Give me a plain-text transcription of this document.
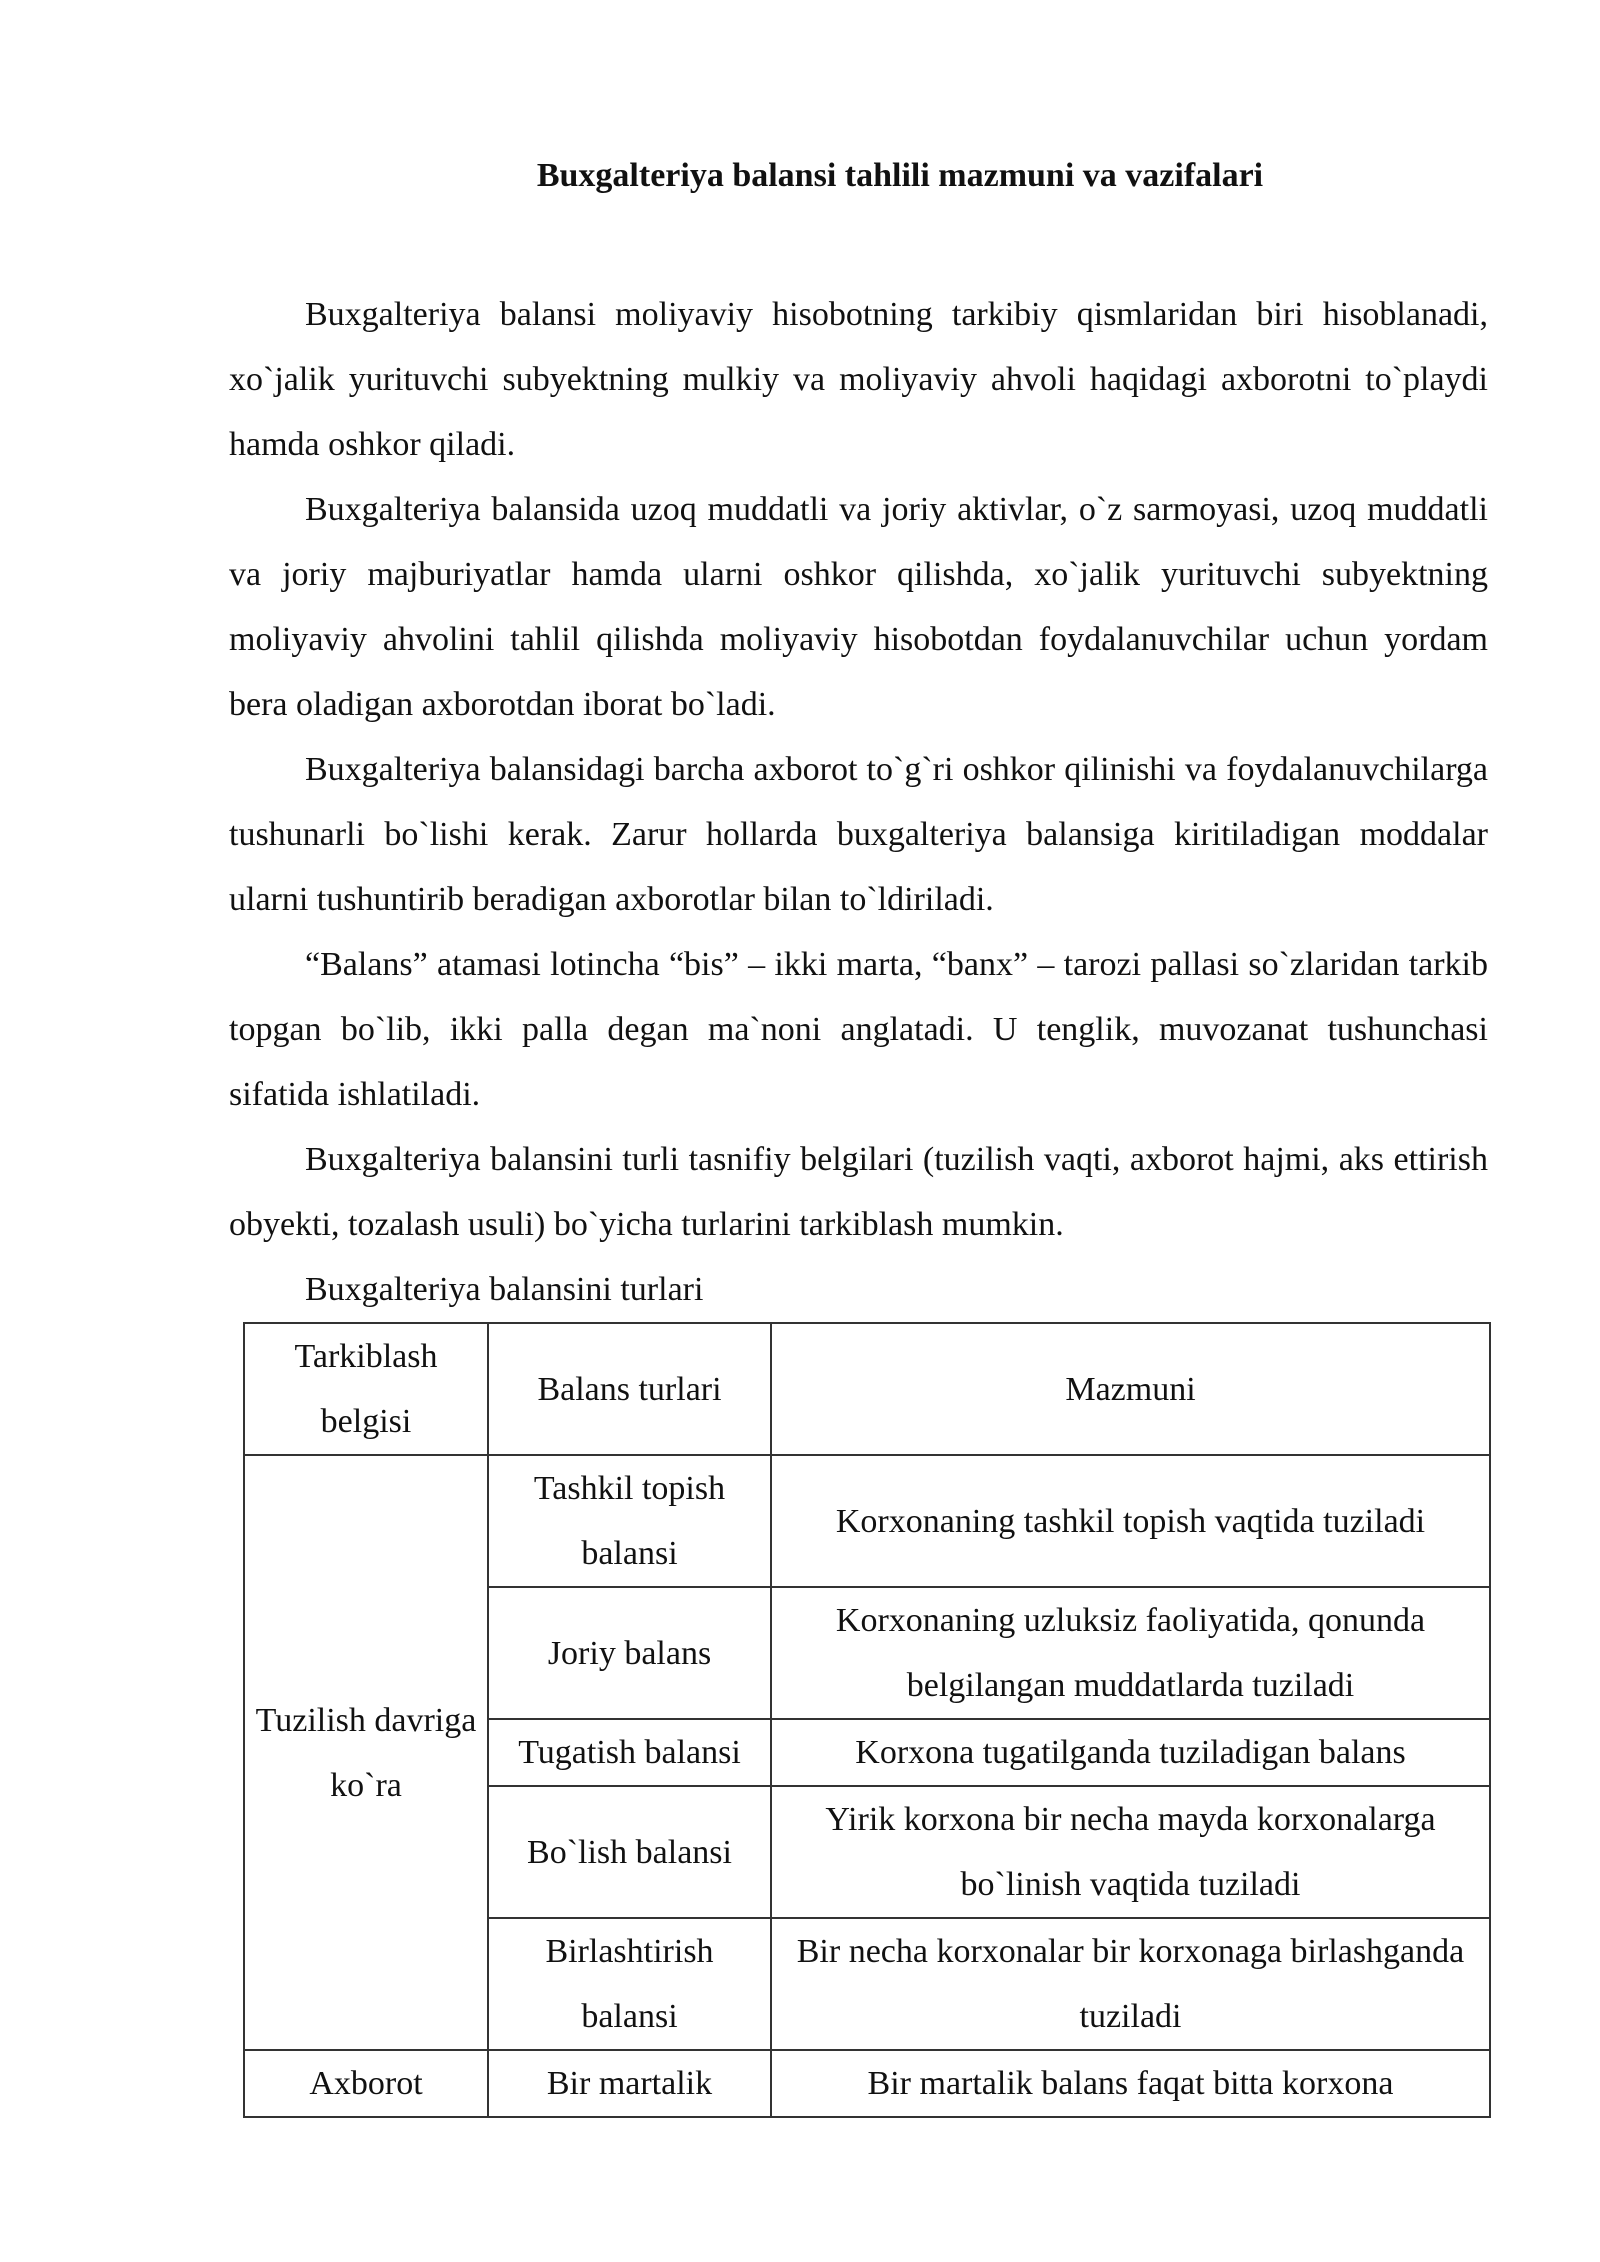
Buxgalteriya balansi tahlili mazmuni va vazifalari

Buxgalteriya balansi moliyaviy hisobotning tarkibiy qismlaridan biri hisoblanadi, xo`jalik yurituvchi subyektning mulkiy va moliyaviy ahvoli haqidagi axborotni to`playdi hamda oshkor qiladi.

Buxgalteriya balansida uzoq muddatli va joriy aktivlar, o`z sarmoyasi, uzoq muddatli va joriy majburiyatlar hamda ularni oshkor qilishda, xo`jalik yurituvchi subyektning moliyaviy ahvolini tahlil qilishda moliyaviy hisobotdan foydalanuvchilar uchun yordam bera oladigan axborotdan iborat bo`ladi.

Buxgalteriya balansidagi barcha axborot to`g`ri oshkor qilinishi va foydalanuvchilarga tushunarli bo`lishi kerak. Zarur hollarda buxgalteriya balansiga kiritiladigan moddalar ularni tushuntirib beradigan axborotlar bilan to`ldiriladi.

“Balans” atamasi lotincha “bis” – ikki marta, “banx” – tarozi pallasi so`zlaridan tarkib topgan bo`lib, ikki palla degan ma`noni anglatadi. U tenglik, muvozanat tushunchasi sifatida ishlatiladi.

Buxgalteriya balansini turli tasnifiy belgilari (tuzilish vaqti, axborot hajmi, aks ettirish obyekti, tozalash usuli) bo`yicha turlarini tarkiblash mumkin.

Buxgalteriya balansini turlari

Tarkiblash belgisi	Balans turlari	Mazmuni
Tuzilish davriga ko`ra	Tashkil topish balansi	Korxonaning tashkil topish vaqtida tuziladi
	Joriy balans	Korxonaning uzluksiz faoliyatida, qonunda belgilangan muddatlarda tuziladi
	Tugatish balansi	Korxona tugatilganda tuziladigan balans
	Bo`lish balansi	Yirik korxona bir necha mayda korxonalarga bo`linish vaqtida tuziladi
	Birlashtirish balansi	Bir necha korxonalar bir korxonaga birlashganda tuziladi
Axborot	Bir martalik	Bir martalik balans faqat bitta korxona
